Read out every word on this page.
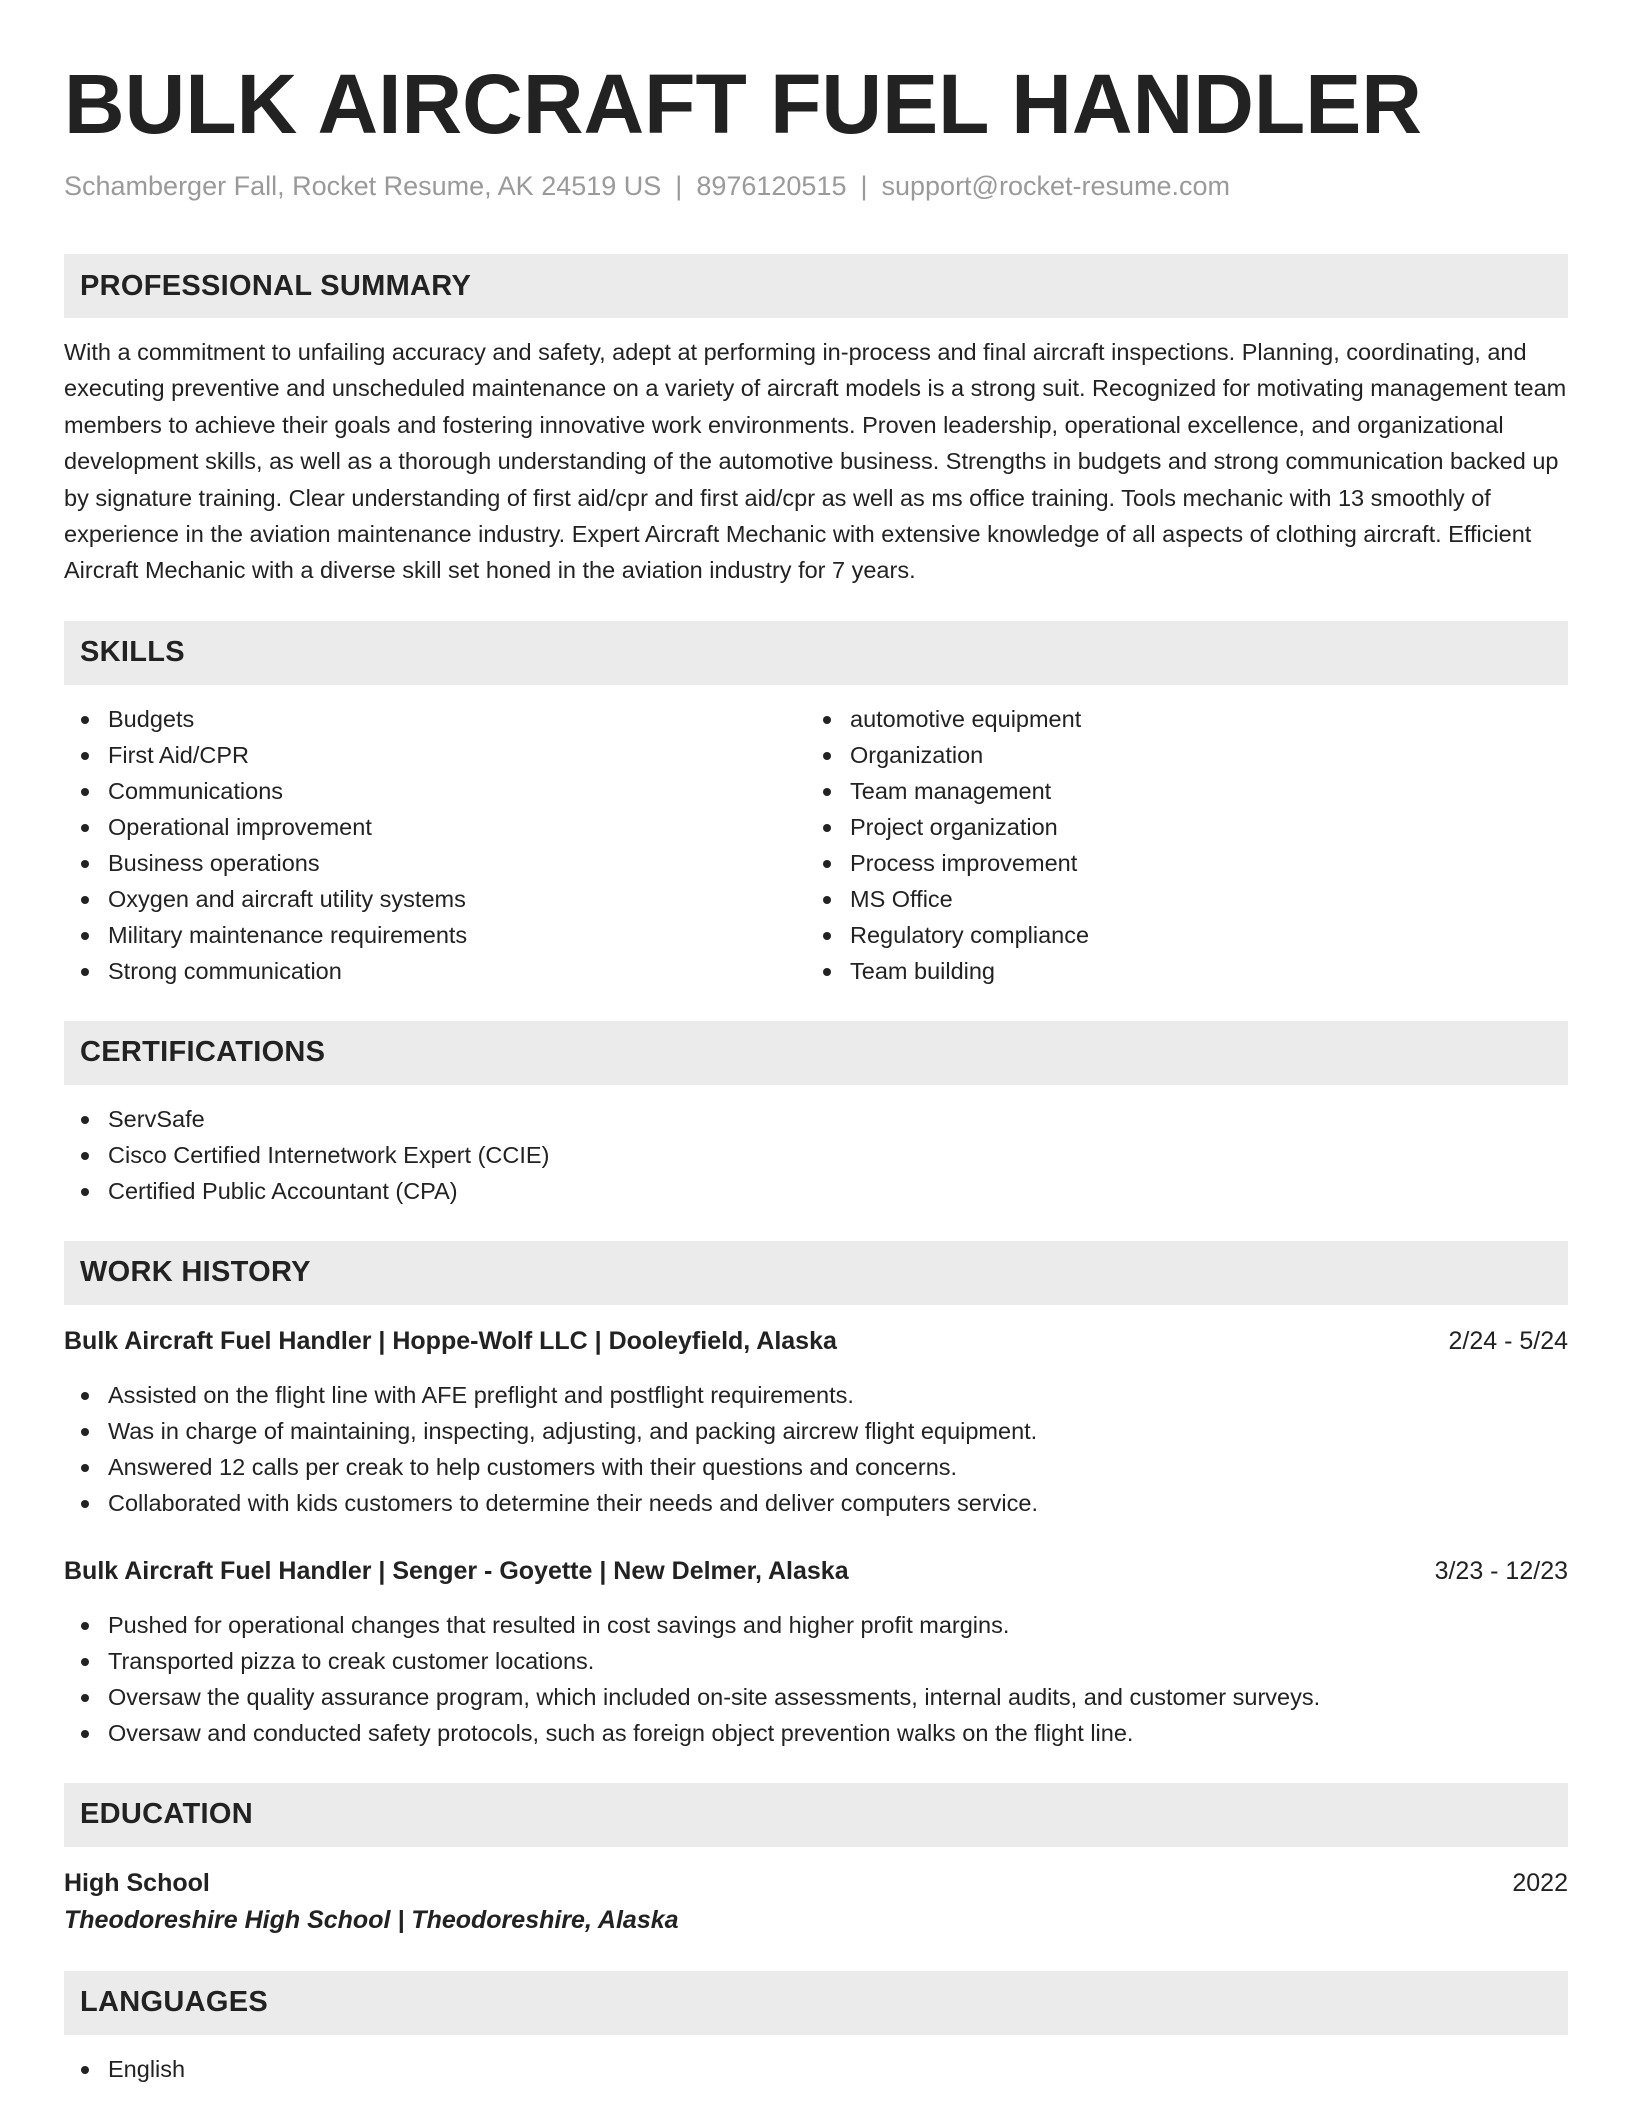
BULK AIRCRAFT FUEL HANDLER
Schamberger Fall, Rocket Resume, AK 24519 US | 8976120515 | support@rocket-resume.com
PROFESSIONAL SUMMARY

With a commitment to unfailing accuracy and safety, adept at performing in-process and final aircraft inspections. Planning, coordinating, and executing preventive and unscheduled maintenance on a variety of aircraft models is a strong suit. Recognized for motivating management team members to achieve their goals and fostering innovative work environments. Proven leadership, operational excellence, and organizational development skills, as well as a thorough understanding of the automotive business. Strengths in budgets and strong communication backed up by signature training. Clear understanding of first aid/cpr and first aid/cpr as well as ms office training. Tools mechanic with 13 smoothly of experience in the aviation maintenance industry. Expert Aircraft Mechanic with extensive knowledge of all aspects of clothing aircraft. Efficient Aircraft Mechanic with a diverse skill set honed in the aviation industry for 7 years.

SKILLS
Budgets
First Aid/CPR
Communications
Operational improvement
Business operations
Oxygen and aircraft utility systems
Military maintenance requirements
Strong communication
automotive equipment
Organization
Team management
Project organization
Process improvement
MS Office
Regulatory compliance
Team building
CERTIFICATIONS
ServSafe
Cisco Certified Internetwork Expert (CCIE)
Certified Public Accountant (CPA)
WORK HISTORY
Bulk Aircraft Fuel Handler | Hoppe-Wolf LLC | Dooleyfield, Alaska	2/24 - 5/24
Assisted on the flight line with AFE preflight and postflight requirements.
Was in charge of maintaining, inspecting, adjusting, and packing aircrew flight equipment.
Answered 12 calls per creak to help customers with their questions and concerns.
Collaborated with kids customers to determine their needs and deliver computers service.
Bulk Aircraft Fuel Handler | Senger - Goyette | New Delmer, Alaska	3/23 - 12/23
Pushed for operational changes that resulted in cost savings and higher profit margins.
Transported pizza to creak customer locations.
Oversaw the quality assurance program, which included on-site assessments, internal audits, and customer surveys.
Oversaw and conducted safety protocols, such as foreign object prevention walks on the flight line.
EDUCATION
High School	2022
Theodoreshire High School | Theodoreshire, Alaska
LANGUAGES
English
